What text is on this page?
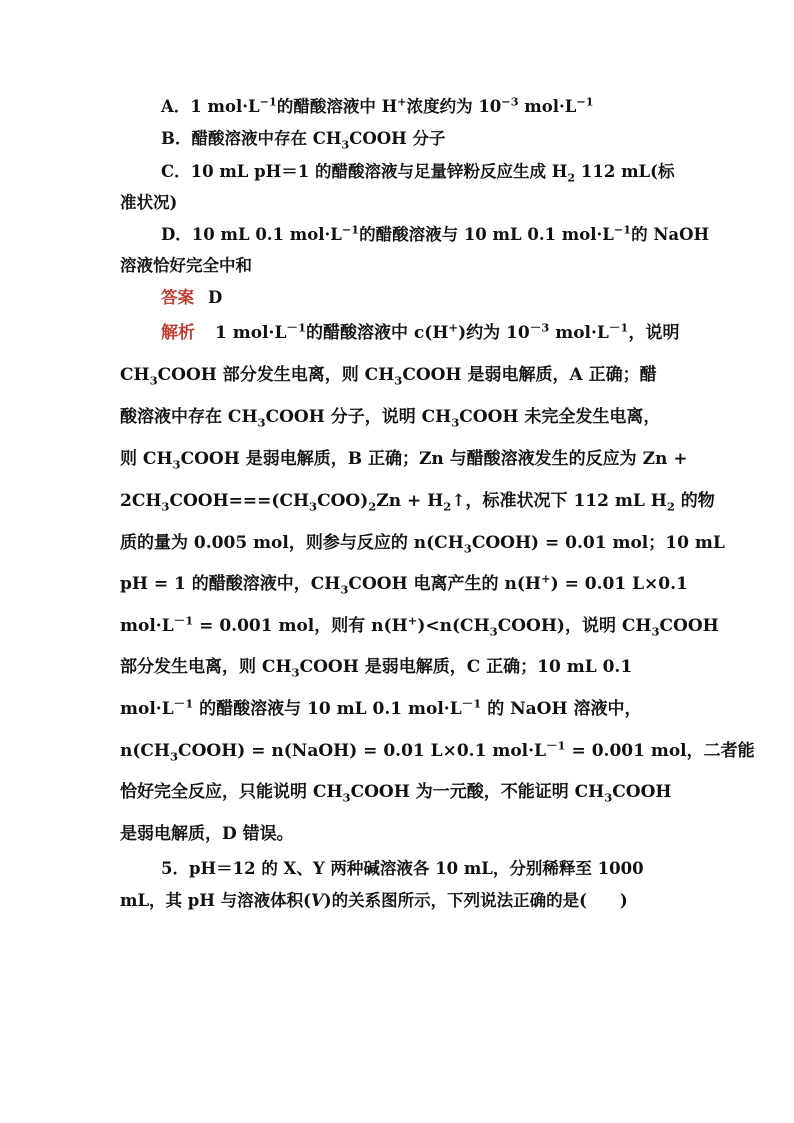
A．1 $mol\cdot L^{-1}$的醋酸溶液中 H+浓度约为 $10^{-3}$ $mol\cdot L^{-1}$
B．醋酸溶液中存在 $CH_3COOH$ 分子
C．10 mL pH＝1 的醋酸溶液与足量锌粉反应生成 $H_2$ 112 mL(标
准状况)
D．10 mL 0.1 $mol\cdot L^{-1}$的醋酸溶液与 10 mL 0.1 $mol\cdot L^{-1}$的 NaOH
溶液恰好完全中和
答案 D
解析 1 $mol\cdot L^{-1}$的醋酸溶液中 c(H+)约为 $10^{-3}$ $mol\cdot L^{-1}$，说明
$CH_3COOH$ 部分发生电离，则 $CH_3COOH$ 是弱电解质，A 正确；醋
酸溶液中存在 $CH_3COOH$ 分子，说明 $CH_3COOH$ 未完全发生电离，
则 $CH_3COOH$ 是弱电解质，B 正确；Zn 与醋酸溶液发生的反应为 Zn +
$2CH_3COOH===(CH_3COO)_2Zn$ + $H_2↑$，标准状况下 112 mL $H_2$ 的物
质的量为 0.005 mol，则参与反应的 $n(CH_3COOH) = 0.01$ mol；10 mL
pH = 1 的醋酸溶液中，$CH_3COOH$ 电离产生的 n(H+) = 0.01 L×0.1
$mol\cdot L^{-1} = 0.001$ mol，则有 $n(H^+)<n(CH_3COOH)$，说明 $CH_3COOH$
部分发生电离，则 $CH_3COOH$ 是弱电解质，C 正确；10 mL 0.1
$mol\cdot L^{-1}$ 的醋酸溶液与 10 mL 0.1 $mol\cdot L^{-1}$ 的 NaOH 溶液中，
$n(CH_3COOH)$ = n(NaOH) = 0.01 L×0.1 $mol\cdot L^{-1} = 0.001$ mol，二者能
恰好完全反应，只能说明 $CH_3COOH$ 为一元酸，不能证明 $CH_3COOH$
是弱电解质，D 错误。
5．pH＝12 的 X、Y 两种碱溶液各 10 mL，分别稀释至 1000
mL，其 pH 与溶液体积(V)的关系图所示，下列说法正确的是(　　)
